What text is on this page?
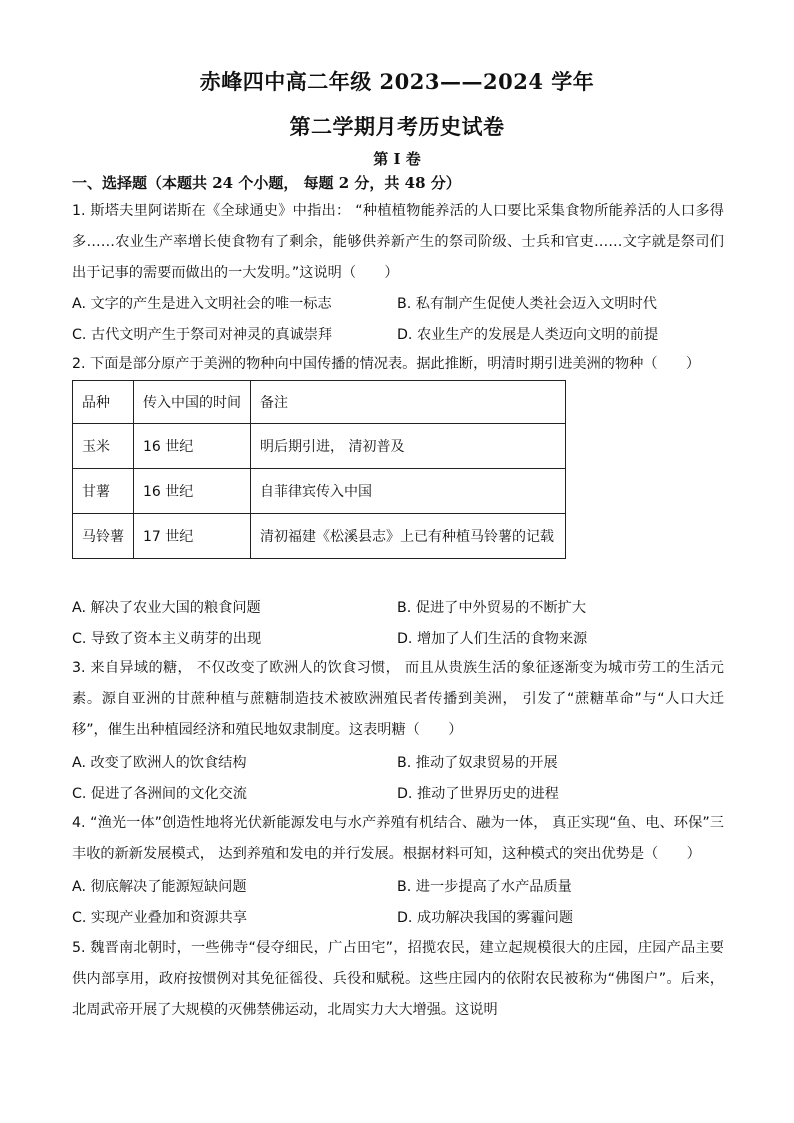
赤峰四中高二年级 2023——2024 学年
第二学期月考历史试卷
第 I 卷
一、选择题（本题共 24 个小题， 每题 2 分，共 48 分）
1. 斯塔夫里阿诺斯在《全球通史》中指出： “种植植物能养活的人口要比采集食物所能养活的人口多得多……农业生产率增长使食物有了剩余，能够供养新产生的祭司阶级、士兵和官吏……文字就是祭司们出于记事的需要而做出的一大发明。”这说明（　　）
A. 文字的产生是进入文明社会的唯一标志	B. 私有制产生促使人类社会迈入文明时代
C. 古代文明产生于祭司对神灵的真诚崇拜	D. 农业生产的发展是人类迈向文明的前提
2. 下面是部分原产于美洲的物种向中国传播的情况表。据此推断，明清时期引进美洲的物种（　　）
品种	传入中国的时间	备注
玉米	16 世纪	明后期引进， 清初普及
甘薯	16 世纪	自菲律宾传入中国
马铃薯	17 世纪	清初福建《松溪县志》上已有种植马铃薯的记载
A. 解决了农业大国的粮食问题	B. 促进了中外贸易的不断扩大
C. 导致了资本主义萌芽的出现	D. 增加了人们生活的食物来源
3. 来自异域的糖， 不仅改变了欧洲人的饮食习惯， 而且从贵族生活的象征逐渐变为城市劳工的生活元素。源自亚洲的甘蔗种植与蔗糖制造技术被欧洲殖民者传播到美洲， 引发了“蔗糖革命”与“人口大迁移”，催生出种植园经济和殖民地奴隶制度。这表明糖（　　）
A. 改变了欧洲人的饮食结构	B. 推动了奴隶贸易的开展
C. 促进了各洲间的文化交流	D. 推动了世界历史的进程
4. “渔光一体”创造性地将光伏新能源发电与水产养殖有机结合、融为一体， 真正实现“鱼、电、环保”三丰收的新新发展模式， 达到养殖和发电的并行发展。根据材料可知，这种模式的突出优势是（　　）
A. 彻底解决了能源短缺问题	B. 进一步提高了水产品质量
C. 实现产业叠加和资源共享	D. 成功解决我国的雾霾问题
5. 魏晋南北朝时，一些佛寺“侵夺细民，广占田宅”，招揽农民，建立起规模很大的庄园，庄园产品主要供内部享用，政府按惯例对其免征徭役、兵役和赋税。这些庄园内的依附农民被称为“佛图户”。后来，北周武帝开展了大规模的灭佛禁佛运动，北周实力大大增强。这说明
